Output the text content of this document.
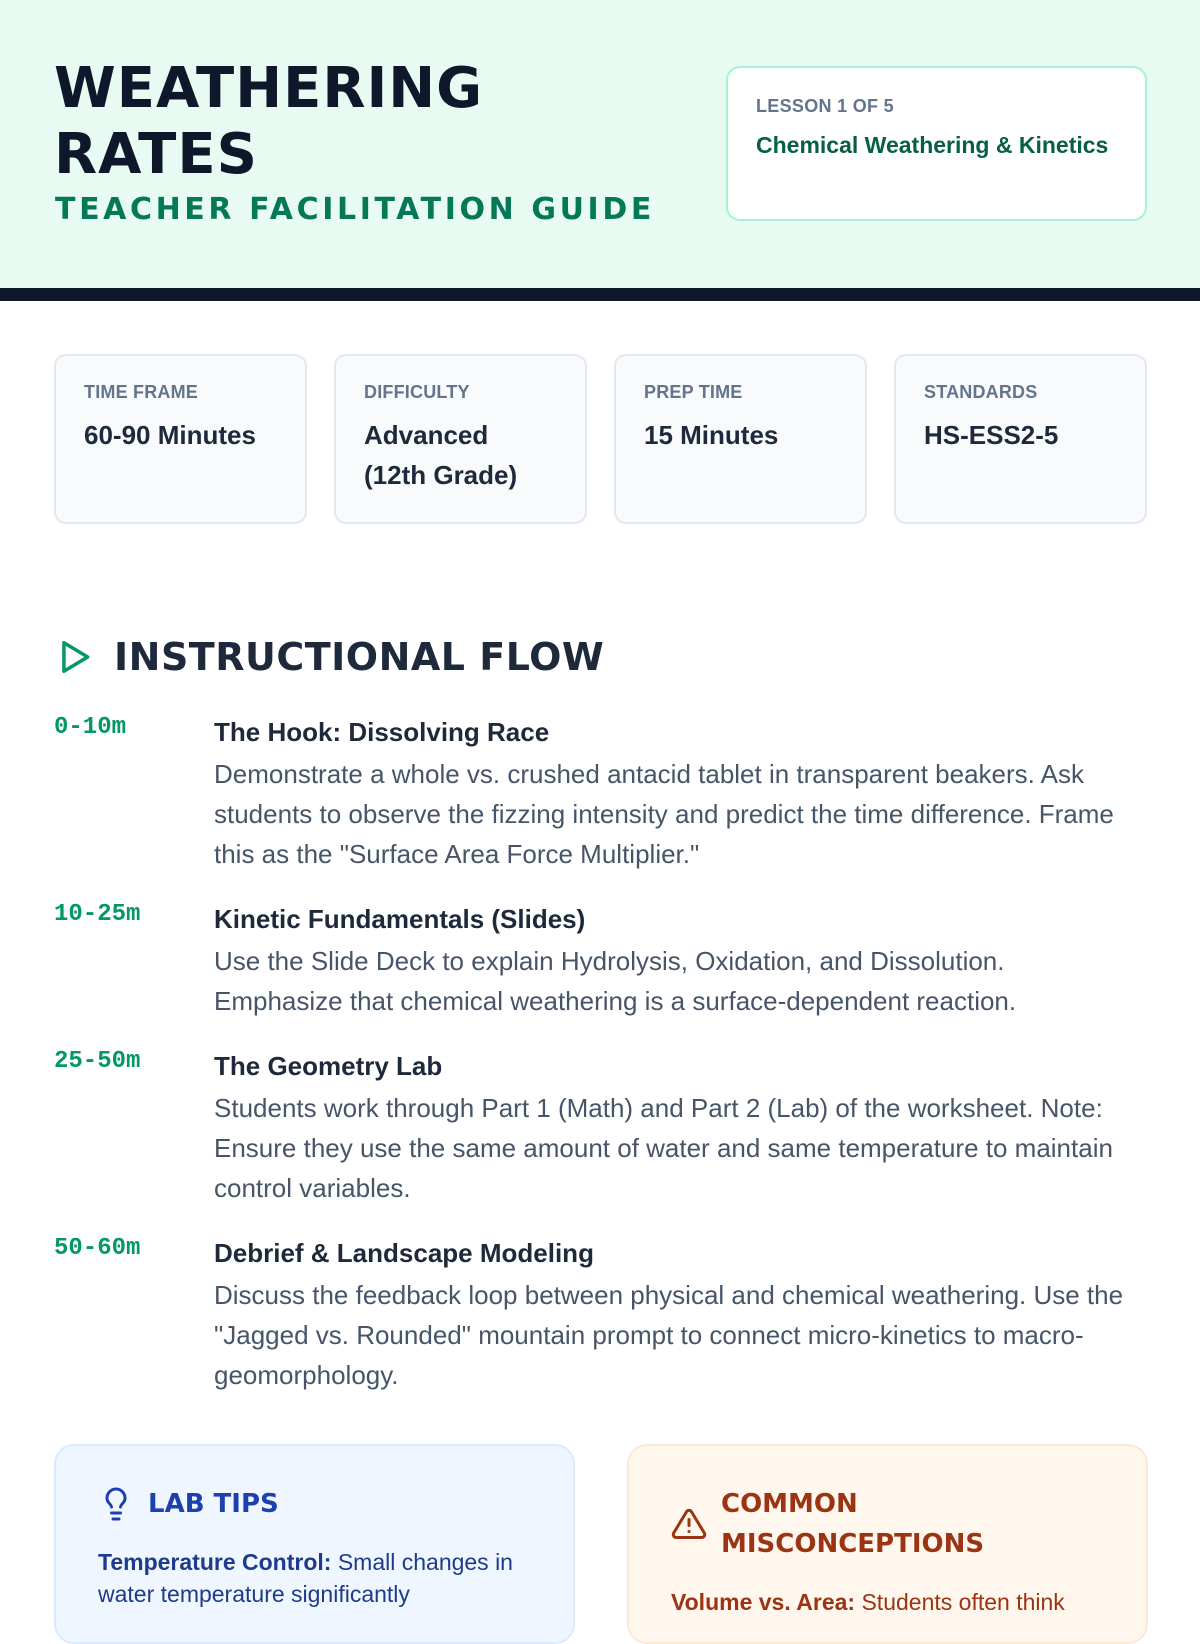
WEATHERING
RATES
TEACHER FACILITATION GUIDE
LESSON 1 OF 5
Chemical Weathering & Kinetics
TIME FRAME
60-90 Minutes
DIFFICULTY
Advanced (12th Grade)
PREP TIME
15 Minutes
STANDARDS
HS-ESS2-5
INSTRUCTIONAL FLOW
0-10m	The Hook: Dissolving Race
Demonstrate a whole vs. crushed antacid tablet in transparent beakers. Ask students to observe the fizzing intensity and predict the time difference. Frame this as the "Surface Area Force Multiplier."
10-25m	Kinetic Fundamentals (Slides)
Use the Slide Deck to explain Hydrolysis, Oxidation, and Dissolution. Emphasize that chemical weathering is a surface-dependent reaction.
25-50m	The Geometry Lab
Students work through Part 1 (Math) and Part 2 (Lab) of the worksheet. Note: Ensure they use the same amount of water and same temperature to maintain control variables.
50-60m	Debrief & Landscape Modeling
Discuss the feedback loop between physical and chemical weathering. Use the "Jagged vs. Rounded" mountain prompt to connect micro-kinetics to macro-geomorphology.
LAB TIPS
Temperature Control: Small changes in water temperature significantly
COMMON MISCONCEPTIONS
Volume vs. Area: Students often think
